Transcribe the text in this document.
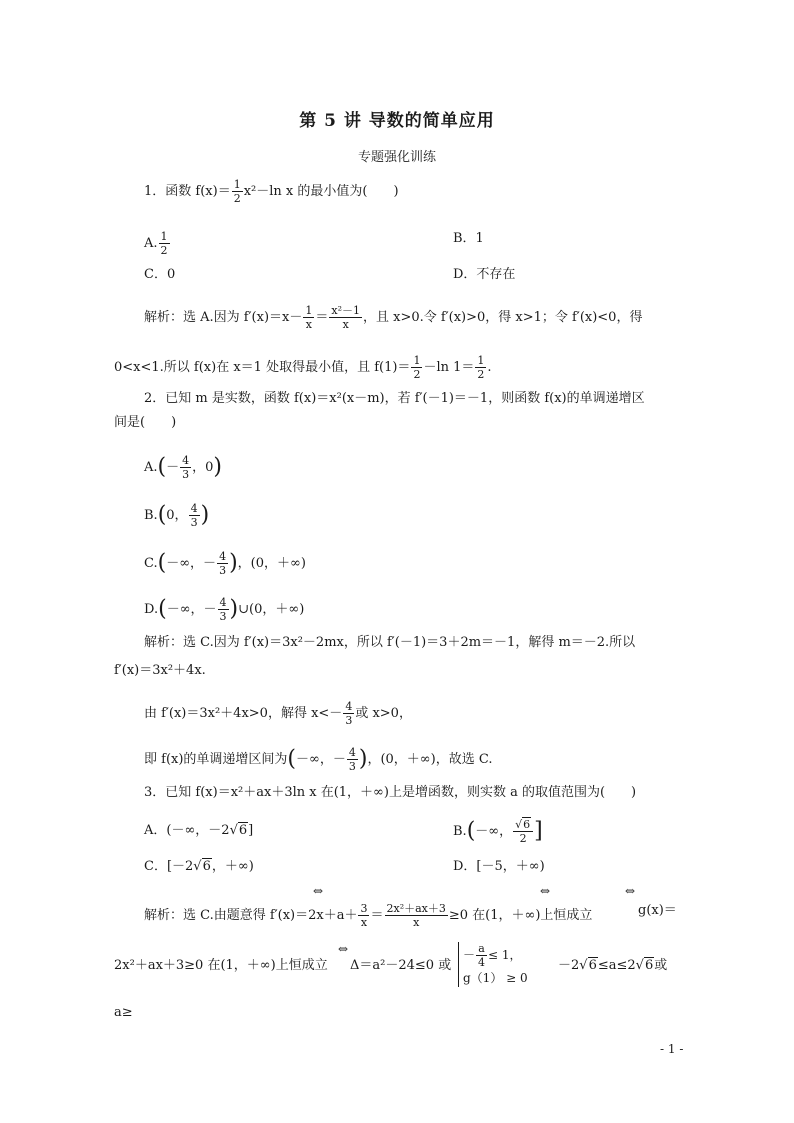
第 5 讲 导数的简单应用
专题强化训练
1．函数 $f(x)= \frac{1}{2} x^2-\ln$ x 的最小值为(　　)
A. $\frac{1}{2}$	B．1
C．0	D．不存在
解析：选 A.因为 $f'(x)=x- \frac{1}{x} = \frac{\text{x²－1}}{x}$ ，且 x>0.令 f′(x)>0，得 x>1；令 f′(x)<0，得
0<x<1.所以 f(x)在 x＝1 处取得最小值，且 $f(1)= \frac{1}{2} -\ln$ $1= \frac{1}{2}$ .
2．已知 m 是实数，函数 f(x)＝x²(x－m)，若 f′(－1)＝－1，则函数 f(x)的单调递增区
间是(　　)
$A.(- \frac{4}{3}$ ，0)
B.(0， $\frac{4}{3}$ )
C.(－∞，－ $\frac{4}{3}$ )，(0，＋∞)
D.(－∞，－ $\frac{4}{3}$ )∪(0，＋∞)
解析：选 C.因为 f′(x)＝3x²－2mx，所以 f′(－1)＝3＋2m＝－1，解得 m＝－2.所以
f′(x)＝3x²＋4x.
由 f′(x)＝3x²＋4x>0，解得 $x<- \frac{4}{3}$ 或 x>0，
即 f(x)的单调递增区间为(－∞，－ $\frac{4}{3}$ )，(0，＋∞)，故选 C.
3．已知 f(x)＝x²＋ax＋3ln x 在(1，＋∞)上是增函数，则实数 a 的取值范围为(　　)
A．(－∞，－2√6]	B.(－∞， $\frac{√6}{2}$ ]
C．[－2√6，＋∞)	D．[－5，＋∞)
解析：选 C.由题意得 $f'(x)=2x+a+ \frac{3}{x} = \frac{\text{2x²＋ax＋3}}{x} \ge 0$ 在(1，＋∞)上恒成立
⇔	⇔	⇔
g(x)＝
2x²＋ax＋3≥0 在(1，＋∞)上恒成立
⇔
Δ＝a²－24≤0 或
－ $\frac{a}{4} \le 1$，
g（1） ≥ 0
－2√6≤a≤2√6或
a≥
- 1 -
